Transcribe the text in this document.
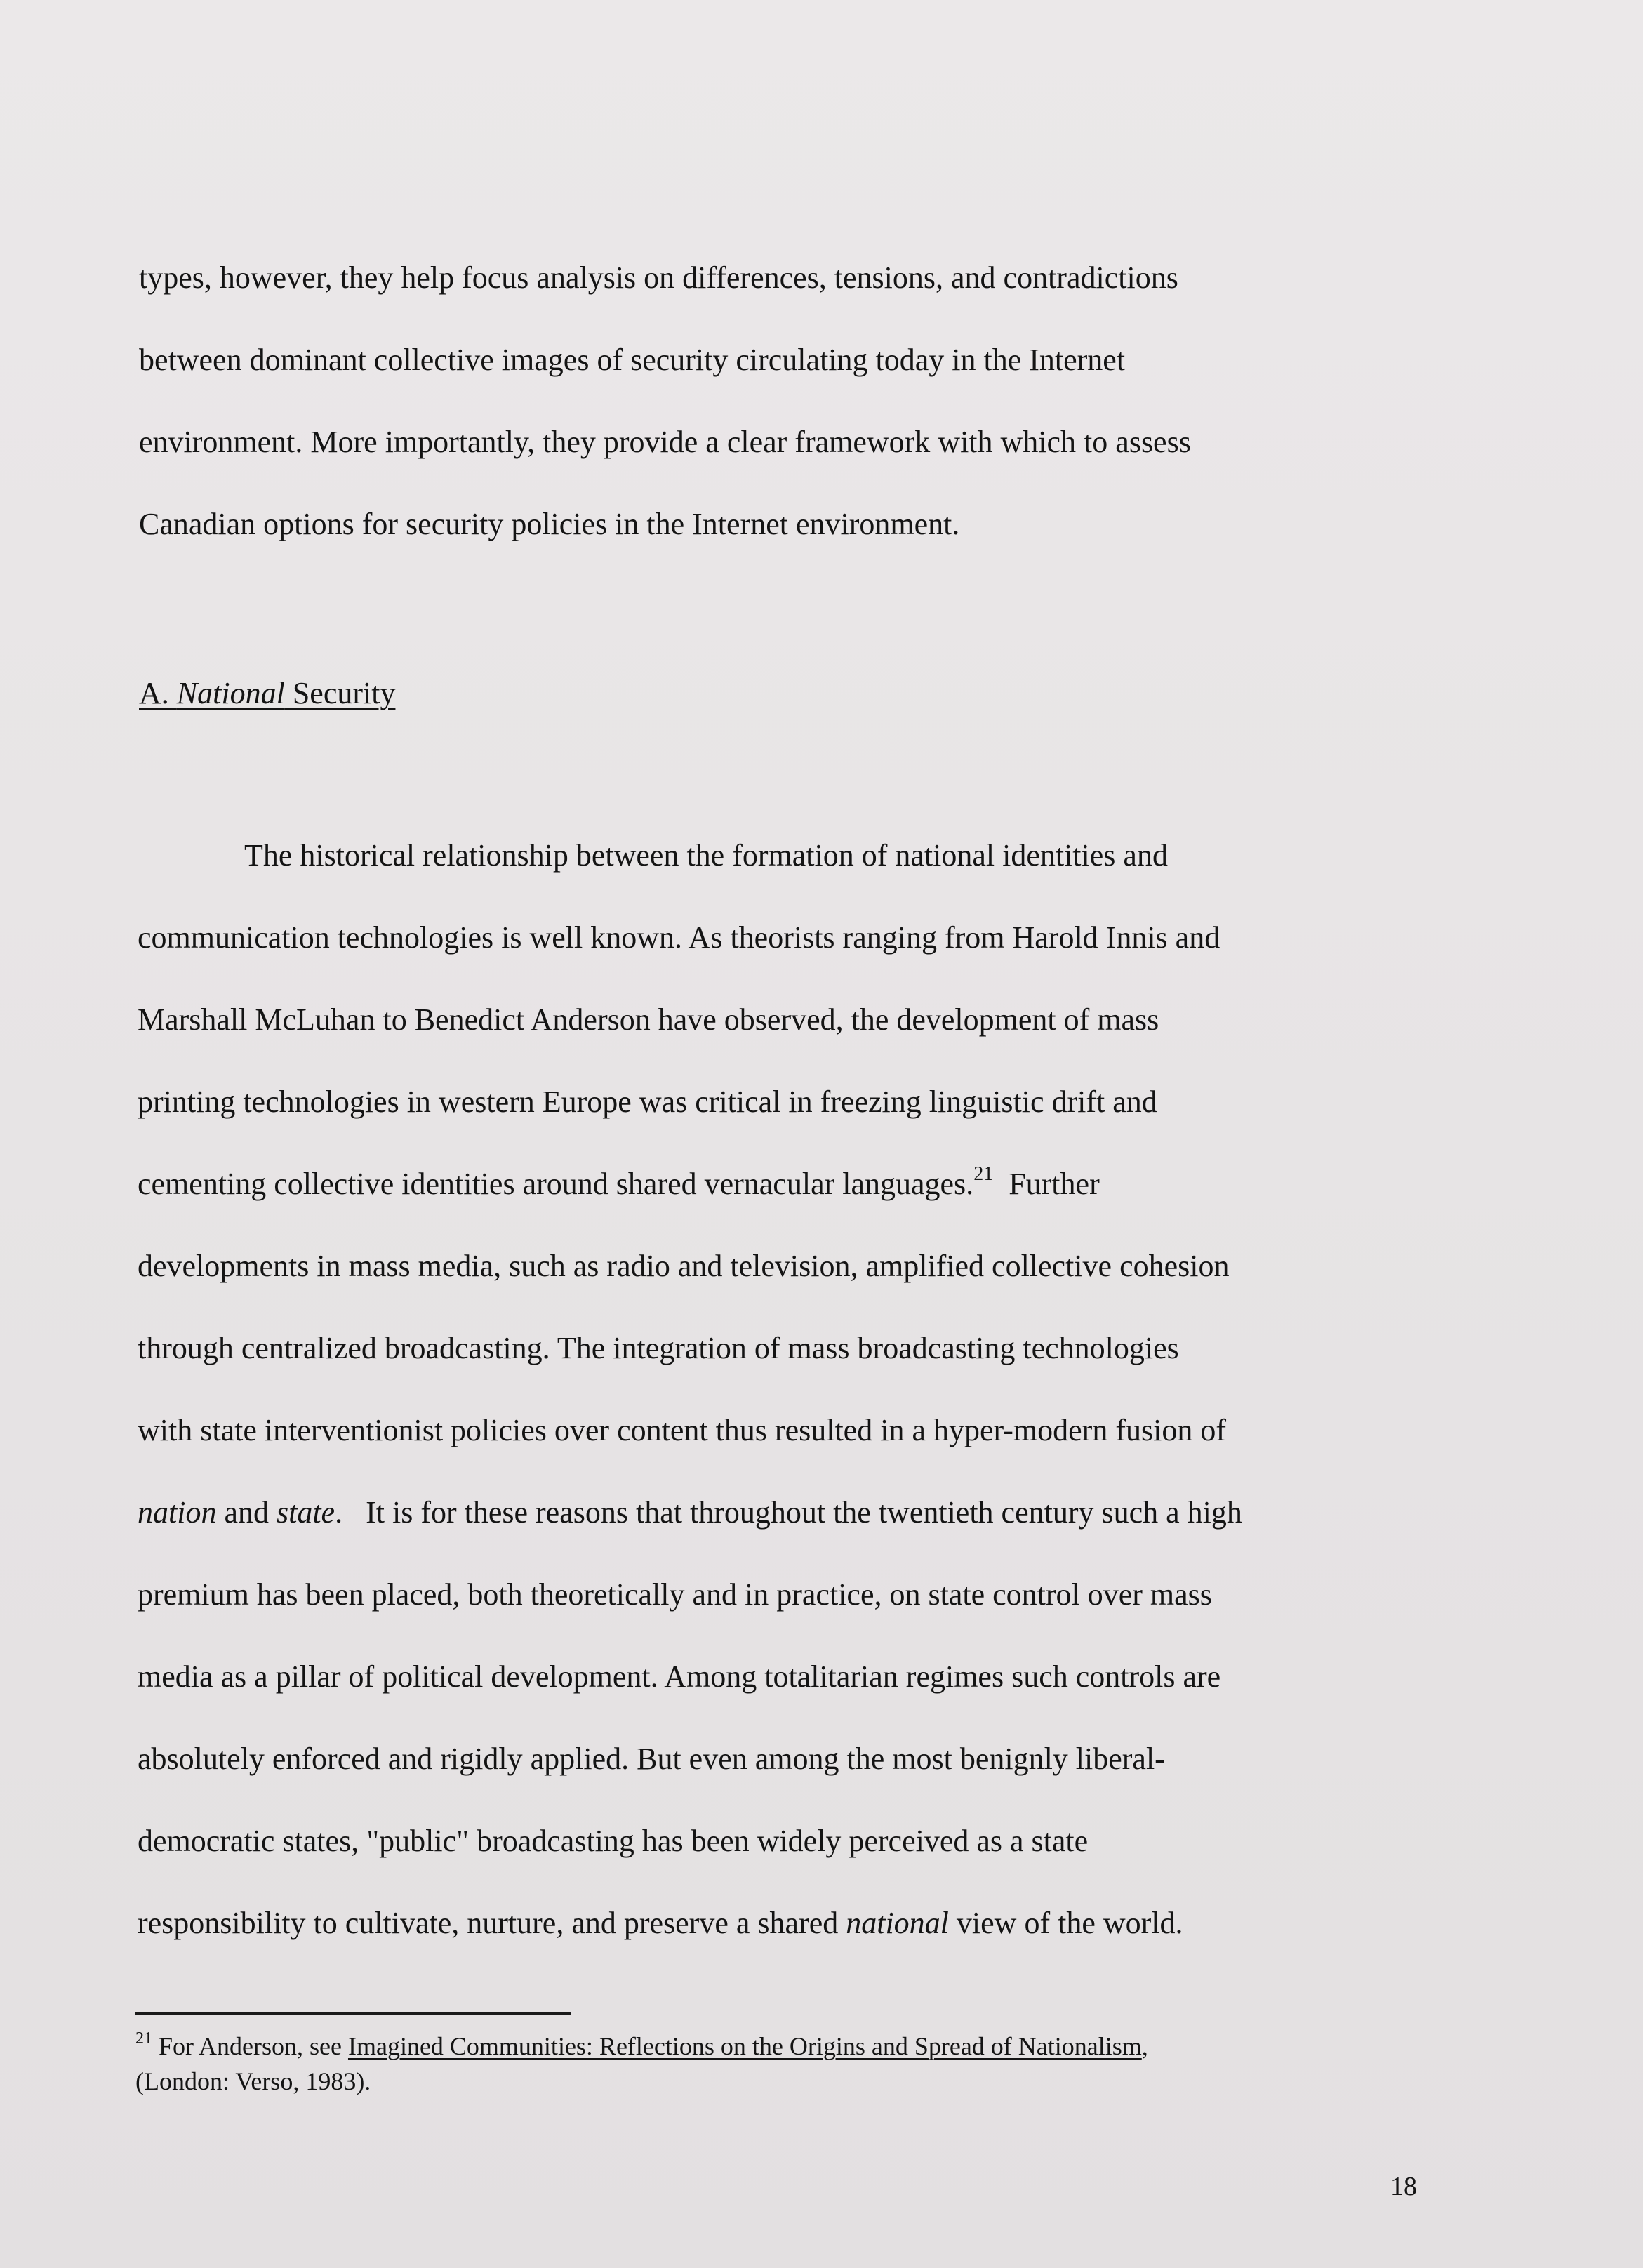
types, however, they help focus analysis on differences, tensions, and contradictions

between dominant collective images of security circulating today in the Internet

environment. More importantly, they provide a clear framework with which to assess

Canadian options for security policies in the Internet environment.

A. National Security

The historical relationship between the formation of national identities and

communication technologies is well known. As theorists ranging from Harold Innis and

Marshall McLuhan to Benedict Anderson have observed, the development of mass

printing technologies in western Europe was critical in freezing linguistic drift and

cementing collective identities around shared vernacular languages.$^{21}$  Further

developments in mass media, such as radio and television, amplified collective cohesion

through centralized broadcasting. The integration of mass broadcasting technologies

with state interventionist policies over content thus resulted in a hyper-modern fusion of

nation and state.   It is for these reasons that throughout the twentieth century such a high

premium has been placed, both theoretically and in practice, on state control over mass

media as a pillar of political development. Among totalitarian regimes such controls are

absolutely enforced and rigidly applied. But even among the most benignly liberal-

democratic states, "public" broadcasting has been widely perceived as a state

responsibility to cultivate, nurture, and preserve a shared national view of the world.

$^{21}$ For Anderson, see Imagined Communities: Reflections on the Origins and Spread of Nationalism,
(London: Verso, 1983).
18
